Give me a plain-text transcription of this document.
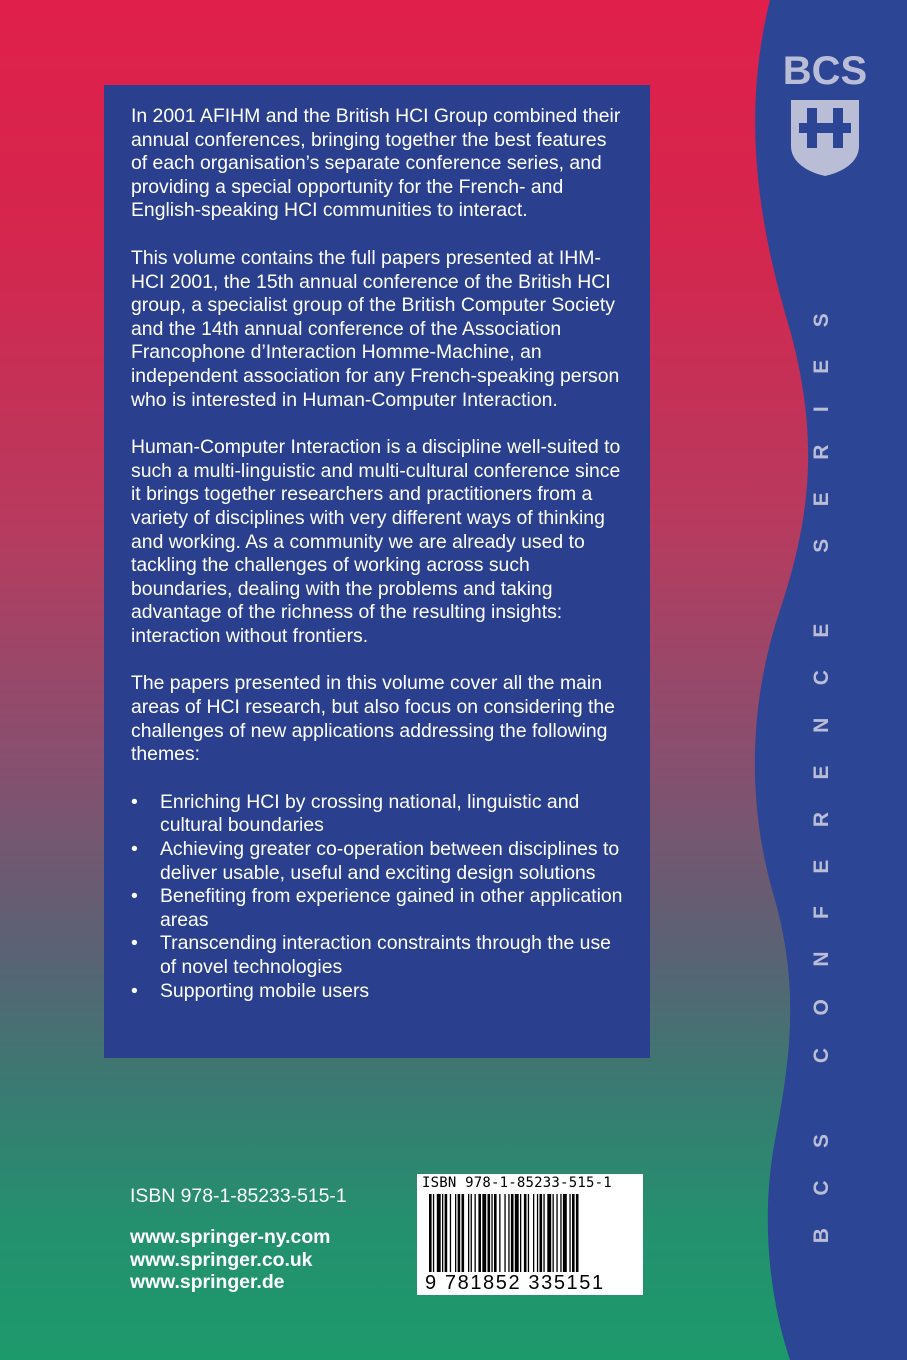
In 2001 AFIHM and the British HCI Group combined their annual conferences, bringing together the best features of each organisation’s separate conference series, and providing a special opportunity for the French- and English-speaking HCI communities to interact.

This volume contains the full papers presented at IHM-HCI 2001, the 15th annual conference of the British HCI group, a specialist group of the British Computer Society and the 14th annual conference of the Association Francophone d’Interaction Homme-Machine, an independent association for any French-speaking person who is interested in Human-Computer Interaction.

Human-Computer Interaction is a discipline well-suited to such a multi-linguistic and multi-cultural conference since it brings together researchers and practitioners from a variety of disciplines with very different ways of thinking and working. As a community we are already used to tackling the challenges of working across such boundaries, dealing with the problems and taking advantage of the richness of the resulting insights: interaction without frontiers.

The papers presented in this volume cover all the main areas of HCI research, but also focus on considering the challenges of new applications addressing the following themes:

• Enriching HCI by crossing national, linguistic and cultural boundaries
• Achieving greater co-operation between disciplines to deliver usable, useful and exciting design solutions
• Benefiting from experience gained in other application areas
• Transcending interaction constraints through the use of novel technologies
• Supporting mobile users
ISBN 978-1-85233-515-1
www.springer-ny.com
www.springer.co.uk
www.springer.de
ISBN 978-1-85233-515-1
9 781852 335151
BCS
BCS CONFERENCE SERIES
